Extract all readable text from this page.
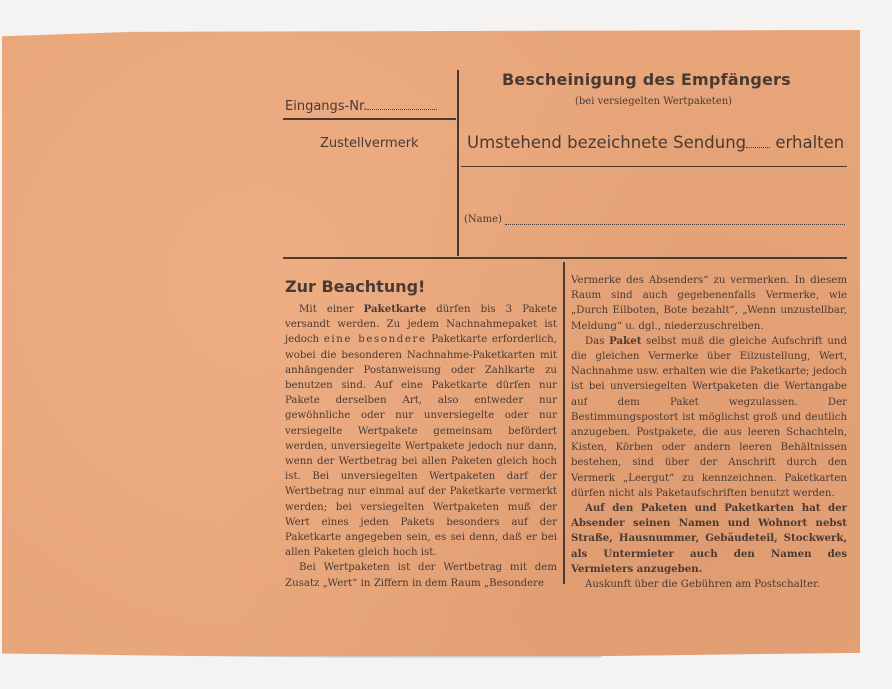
Eingangs-Nr.
Zustellvermerk
Bescheinigung des Empfängers
(bei versiegelten Wertpaketen)
Umstehend bezeichnete Sendung erhalten
(Name)
Zur Beachtung!

Mit einer Paketkarte dürfen bis 3 Pakete versandt werden. Zu jedem Nachnahmepaket ist jedoch eine besondere Paketkarte erforderlich, wobei die besonderen Nachnahme-Paketkarten mit anhängender Postanweisung oder Zahlkarte zu benutzen sind. Auf eine Paketkarte dürfen nur Pakete derselben Art, also entweder nur gewöhnliche oder nur unversiegelte oder nur versiegelte Wertpakete gemeinsam befördert werden, unversiegelte Wertpakete jedoch nur dann, wenn der Wertbetrag bei allen Paketen gleich hoch ist. Bei unversiegelten Wertpaketen darf der Wertbetrag nur einmal auf der Paketkarte vermerkt werden; bei versiegelten Wertpaketen muß der Wert eines jeden Pakets besonders auf der Paketkarte angegeben sein, es sei denn, daß er bei allen Paketen gleich hoch ist.

Bei Wertpaketen ist der Wertbetrag mit dem Zusatz „Wert“ in Ziffern in dem Raum „Besondere

Vermerke des Absenders“ zu vermerken. In diesem Raum sind auch gegebenenfalls Vermerke, wie „Durch Eilboten, Bote bezahlt“, „Wenn unzustellbar, Meldung“ u. dgl., niederzuschreiben.

Das Paket selbst muß die gleiche Aufschrift und die gleichen Vermerke über Eilzustellung, Wert, Nachnahme usw. erhalten wie die Paketkarte; jedoch ist bei unversiegelten Wertpaketen die Wertangabe auf dem Paket wegzulassen. Der Bestimmungspostort ist möglichst groß und deutlich anzugeben. Postpakete, die aus leeren Schachteln, Kisten, Körben oder andern leeren Behältnissen bestehen, sind über der Anschrift durch den Vermerk „Leergut“ zu kennzeichnen. Paketkarten dürfen nicht als Paketaufschriften benutzt werden.

Auf den Paketen und Paketkarten hat der Absender seinen Namen und Wohnort nebst Straße, Hausnummer, Gebäudeteil, Stockwerk, als Untermieter auch den Namen des Vermieters anzugeben.

Auskunft über die Gebühren am Postschalter.
